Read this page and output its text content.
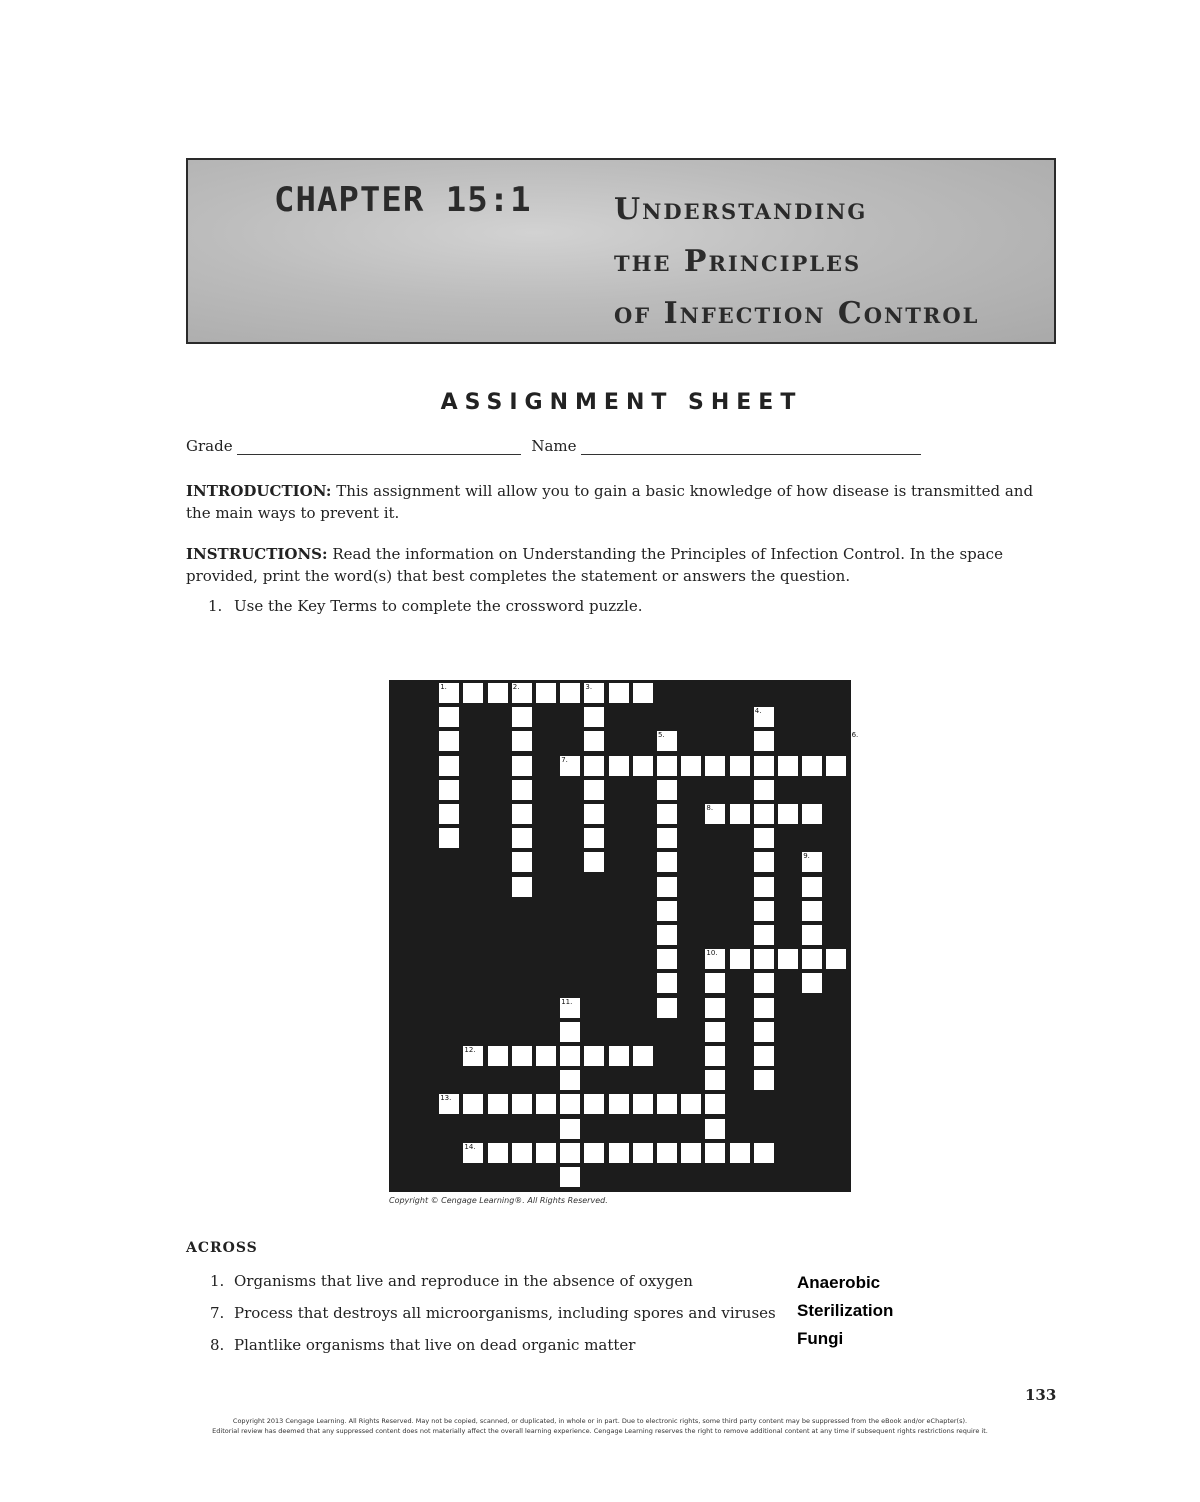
CHAPTER 15:1	Understanding
the Principles
of Infection Control
ASSIGNMENT SHEET
Grade	Name
INTRODUCTION: This assignment will allow you to gain a basic knowledge of how disease is transmitted and the main ways to prevent it.
INSTRUCTIONS: Read the information on Understanding the Principles of Infection Control. In the space provided, print the word(s) that best completes the statement or answers the question.
1. Use the Key Terms to complete the crossword puzzle.
1.	2.	3.
7.
8.
10.
12.
13.
14.
4.
5.	6.
9.
11.
Copyright © Cengage Learning®. All Rights Reserved.
ACROSS
1. Organisms that live and reproduce in the absence of oxygen	Anaerobic
7. Process that destroys all microorganisms, including spores and viruses Sterilization
8. Plantlike organisms that live on dead organic matter	Fungi
133
Copyright 2013 Cengage Learning. All Rights Reserved. May not be copied, scanned, or duplicated, in whole or in part. Due to electronic rights, some third party content may be suppressed from the eBook and/or eChapter(s).
Editorial review has deemed that any suppressed content does not materially affect the overall learning experience. Cengage Learning reserves the right to remove additional content at any time if subsequent rights restrictions require it.
